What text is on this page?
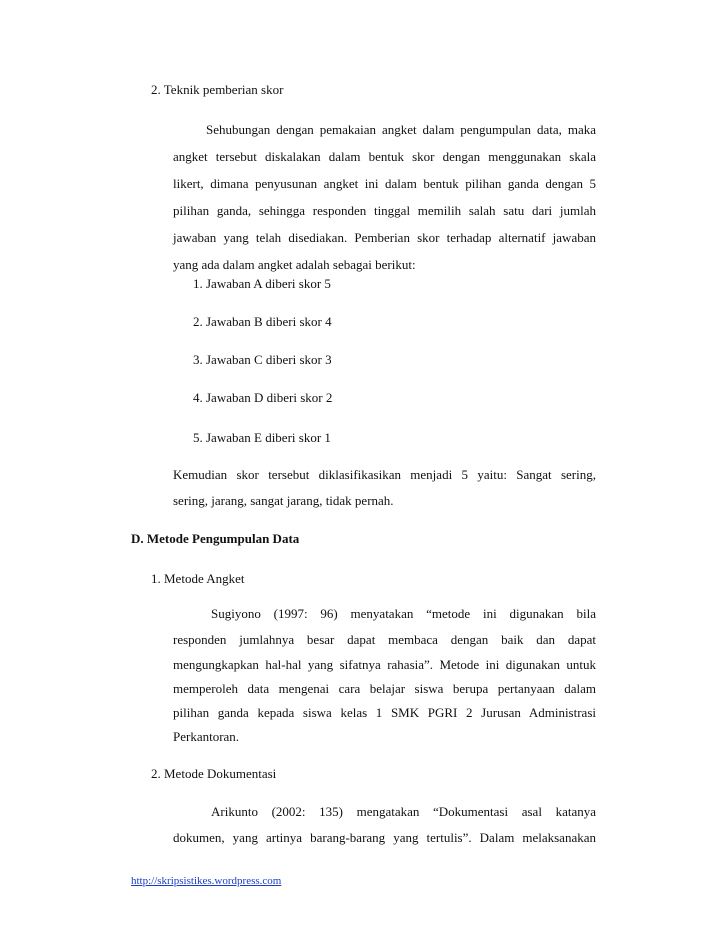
2. Teknik pemberian skor
Sehubungan dengan pemakaian angket dalam pengumpulan data, maka
angket tersebut diskalakan dalam bentuk skor dengan menggunakan skala
likert, dimana penyusunan angket ini dalam bentuk pilihan ganda dengan 5
pilihan ganda, sehingga responden tinggal memilih salah satu dari jumlah
jawaban yang telah disediakan. Pemberian skor terhadap alternatif jawaban
yang ada dalam angket adalah sebagai berikut:
1. Jawaban A diberi skor 5
2. Jawaban B diberi skor 4
3. Jawaban C diberi skor 3
4. Jawaban D diberi skor 2
5. Jawaban E diberi skor 1
Kemudian skor tersebut diklasifikasikan menjadi 5 yaitu: Sangat sering,
sering, jarang, sangat jarang, tidak pernah.
D. Metode Pengumpulan Data
1. Metode Angket
Sugiyono (1997: 96) menyatakan “metode ini digunakan bila
responden jumlahnya besar dapat membaca dengan baik dan dapat
mengungkapkan hal-hal yang sifatnya rahasia”. Metode ini digunakan untuk
memperoleh data mengenai cara belajar siswa berupa pertanyaan dalam
pilihan ganda kepada siswa kelas 1 SMK PGRI 2 Jurusan Administrasi
Perkantoran.
2. Metode Dokumentasi
Arikunto (2002: 135) mengatakan “Dokumentasi asal katanya
dokumen, yang artinya barang-barang yang tertulis”. Dalam melaksanakan
http://skripsistikes.wordpress.com
